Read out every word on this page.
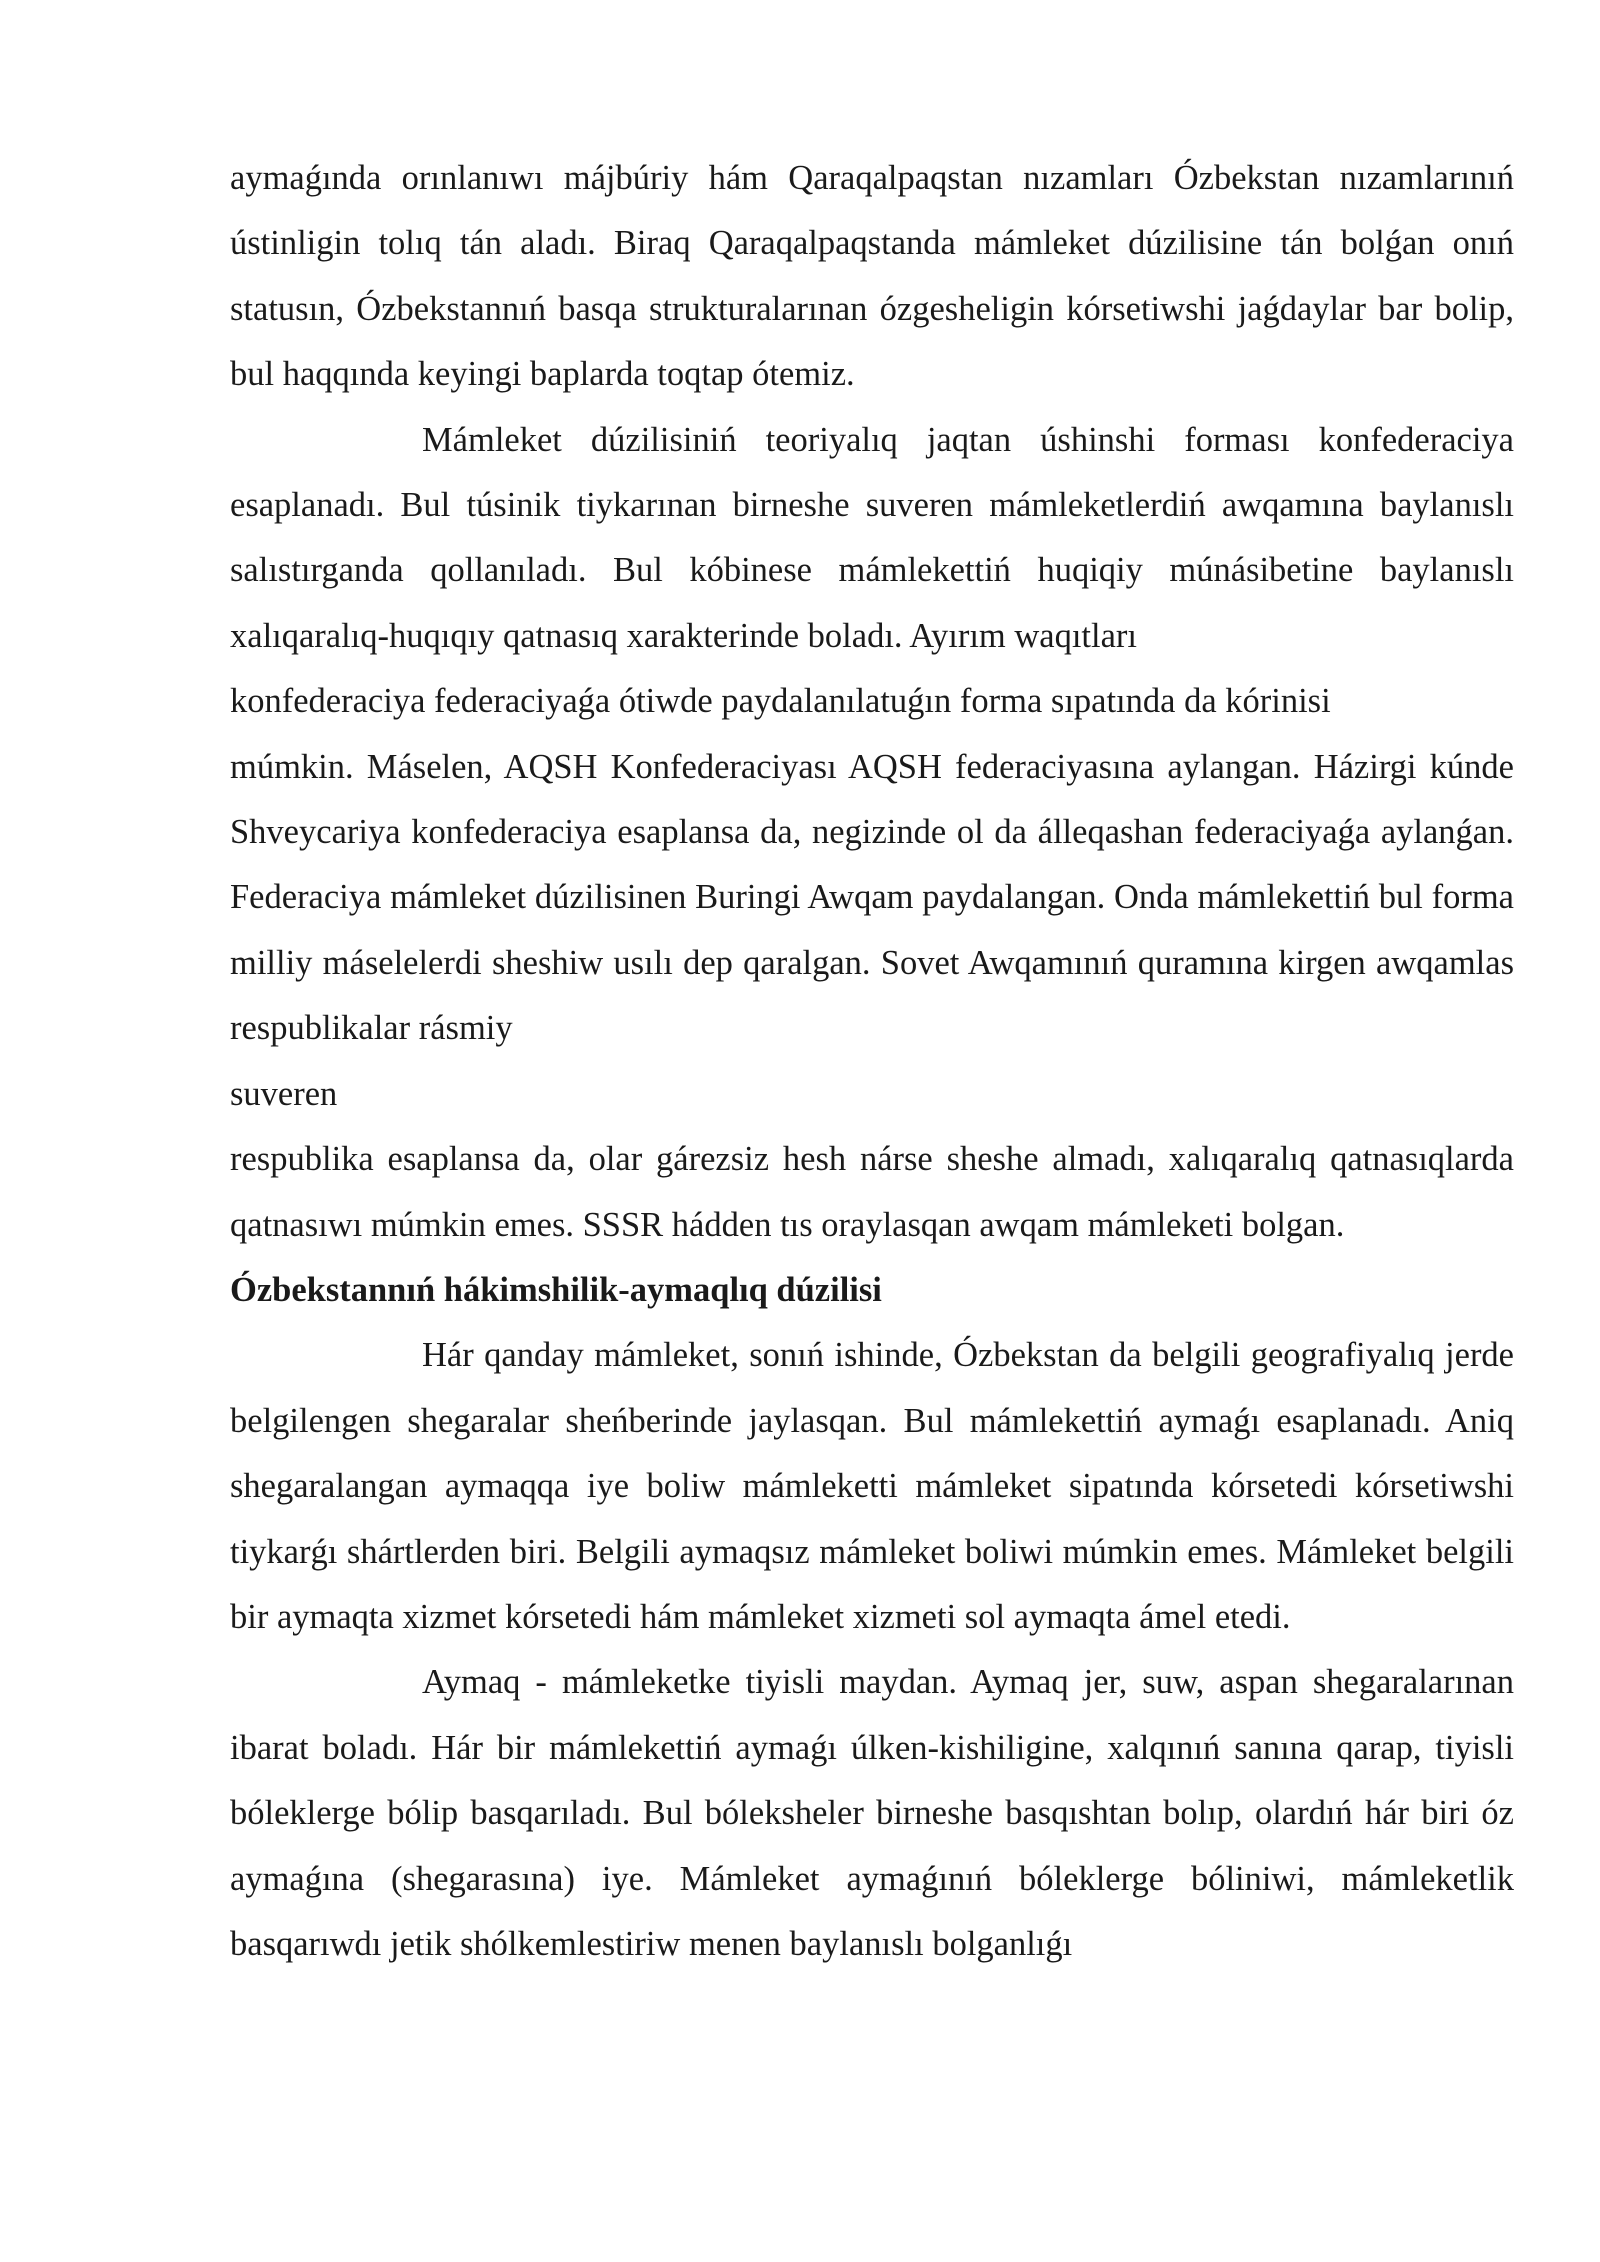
aymaǵında orınlanıwı májbúriy hám Qaraqalpaqstan nızamları Ózbekstan nızamlarınıń ústinligin tolıq tán aladı. Biraq Qaraqalpaqstanda mámleket dúzilisine tán bolǵan onıń statusın, Ózbekstannıń basqa strukturalarınan ózgesheligin kórsetiwshi jaǵdaylar bar bolip, bul haqqında keyingi baplarda toqtap ótemiz.

Mámleket dúzilisiniń teoriyalıq jaqtan úshinshi forması konfederaciya esaplanadı. Bul túsinik tiykarınan birneshe suveren mámleketlerdiń awqamına baylanıslı salıstırganda qollanıladı. Bul kóbinese mámlekettiń huqiqiy múnásibetine baylanıslı xalıqaralıq-huqıqıy qatnasıq xarakterinde boladı. Ayırım waqıtları

konfederaciya federaciyaǵa ótiwde paydalanılatuǵın forma sıpatında da kórinisi

múmkin. Máselen, AQSH Konfederaciyası AQSH federaciyasına aylangan. Házirgi kúnde Shveycariya konfederaciya esaplansa da, negizinde ol da álleqashan federaciyaǵa aylanǵan. Federaciya mámleket dúzilisinen Buringi Awqam paydalangan. Onda mámlekettiń bul forma milliy máselelerdi sheshiw usılı dep qaralgan. Sovet Awqamınıń quramına kirgen awqamlas respublikalar rásmiy

suveren

respublika esaplansa da, olar gárezsiz hesh nárse sheshe almadı, xalıqaralıq qatnasıqlarda qatnasıwı múmkin emes. SSSR hádden tıs oraylasqan awqam mámleketi bolgan.

Ózbekstannıń hákimshilik-aymaqlıq dúzilisi

Hár qanday mámleket, sonıń ishinde, Ózbekstan da belgili geografiyalıq jerde belgilengen shegaralar sheńberinde jaylasqan. Bul mámlekettiń aymaǵı esaplanadı. Aniq shegaralangan aymaqqa iye boliw mámleketti mámleket sipatında kórsetedi kórsetiwshi tiykarǵı shártlerden biri. Belgili aymaqsız mámleket boliwi múmkin emes. Mámleket belgili bir aymaqta xizmet kórsetedi hám mámleket xizmeti sol aymaqta ámel etedi.

Aymaq - mámleketke tiyisli maydan. Aymaq jer, suw, aspan shegaralarınan ibarat boladı. Hár bir mámlekettiń aymaǵı úlken-kishiligine, xalqınıń sanına qarap, tiyisli bóleklerge bólip basqarıladı. Bul bóleksheler birneshe basqıshtan bolıp, olardıń hár biri óz aymaǵına (shegarasına) iye. Mámleket aymaǵınıń bóleklerge bóliniwi, mámleketlik basqarıwdı jetik shólkemlestiriw menen baylanıslı bolganlıǵı
